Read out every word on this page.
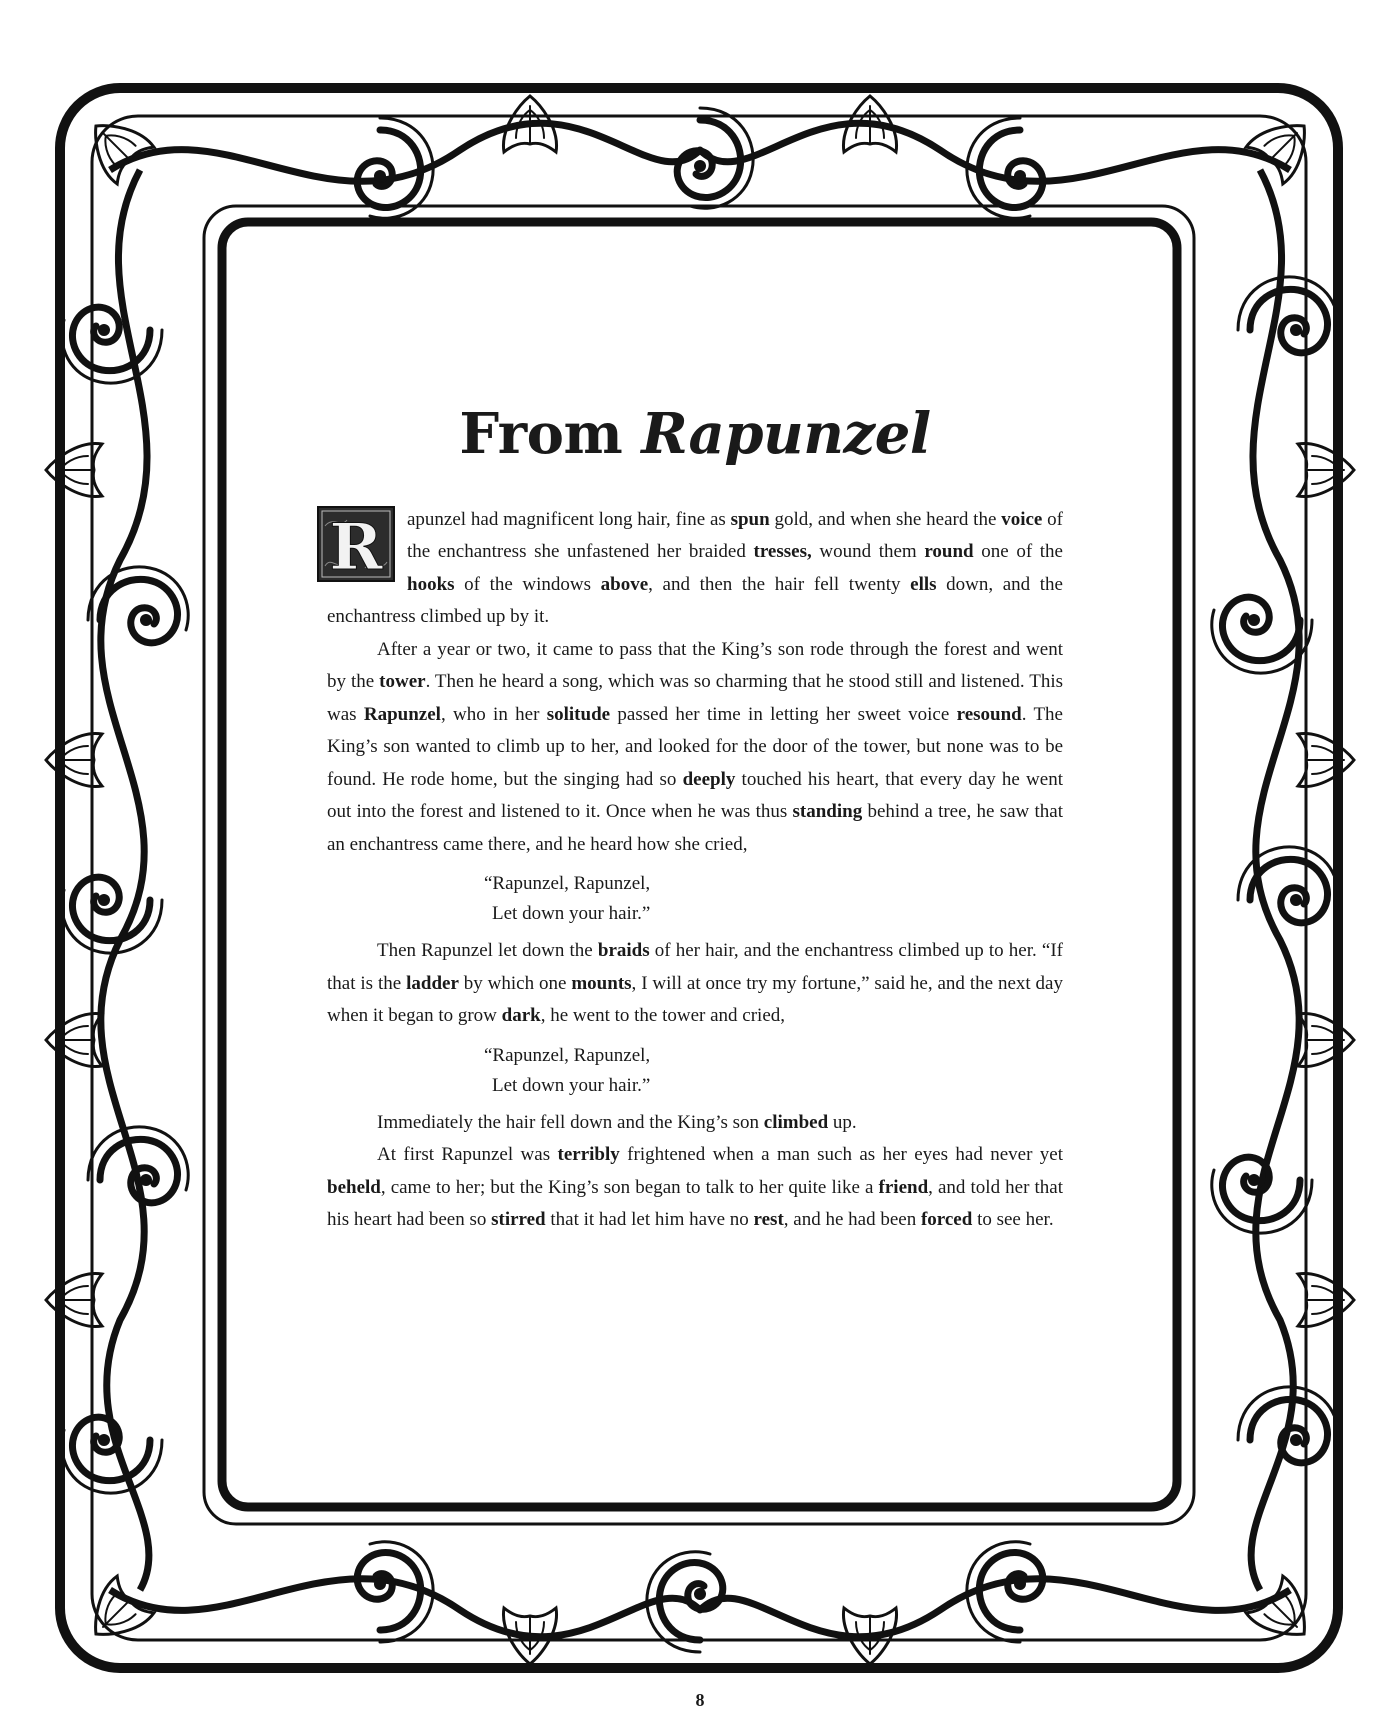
From Rapunzel

R apunzel had magnificent long hair, fine as spun gold, and when she heard the voice of the enchantress she unfastened her braided tresses, wound them round one of the hooks of the windows above, and then the hair fell twenty ells down, and the enchantress climbed up by it.

After a year or two, it came to pass that the King’s son rode through the forest and went by the tower. Then he heard a song, which was so charming that he stood still and listened. This was Rapunzel, who in her solitude passed her time in letting her sweet voice resound. The King’s son wanted to climb up to her, and looked for the door of the tower, but none was to be found. He rode home, but the singing had so deeply touched his heart, that every day he went out into the forest and listened to it. Once when he was thus standing behind a tree, he saw that an enchantress came there, and he heard how she cried,

“Rapunzel, Rapunzel,
Let down your hair.”

Then Rapunzel let down the braids of her hair, and the enchantress climbed up to her. “If that is the ladder by which one mounts, I will at once try my fortune,” said he, and the next day when it began to grow dark, he went to the tower and cried,

“Rapunzel, Rapunzel,
Let down your hair.”

Immediately the hair fell down and the King’s son climbed up.

At first Rapunzel was terribly frightened when a man such as her eyes had never yet beheld, came to her; but the King’s son began to talk to her quite like a friend, and told her that his heart had been so stirred that it had let him have no rest, and he had been forced to see her.

8
